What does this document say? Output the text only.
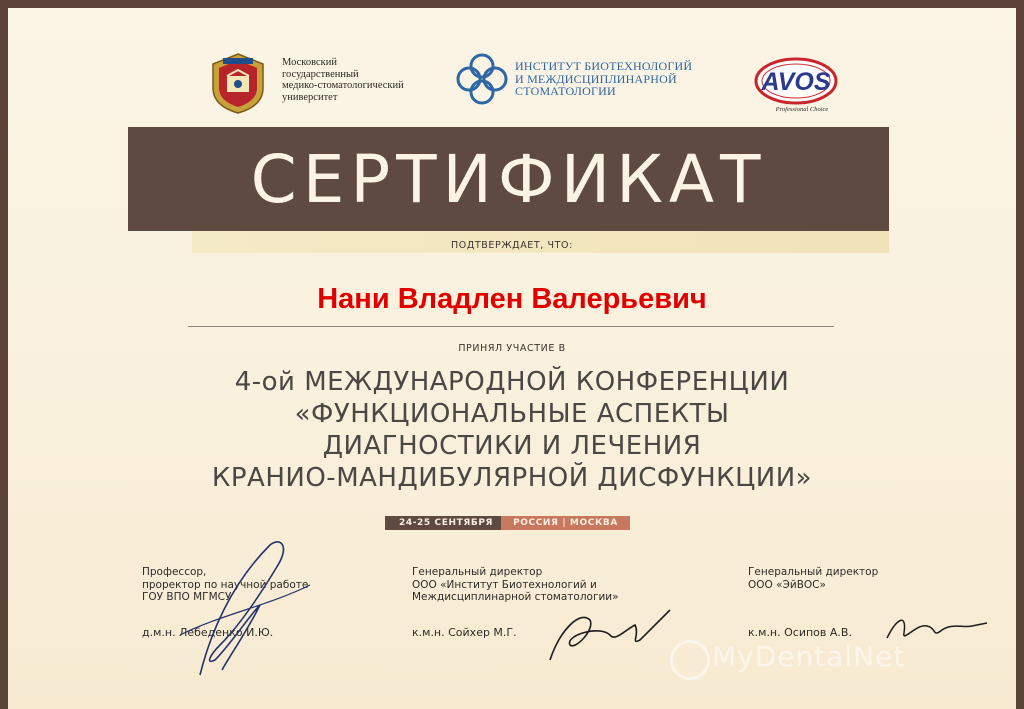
Московский
государственный
медико-стоматологический
университет
ИНСТИТУТ БИОТЕХНОЛОГИЙ
И МЕЖДИСЦИПЛИНАРНОЙ
СТОМАТОЛОГИИ	AVOS
Professional Choice
СЕРТИФИКАТ
ПОДТВЕРЖДАЕТ, ЧТО:
Нани Владлен Валерьевич
ПРИНЯЛ УЧАСТИЕ В
4-ой МЕЖДУНАРОДНОЙ КОНФЕРЕНЦИИ
«ФУНКЦИОНАЛЬНЫЕ АСПЕКТЫ
ДИАГНОСТИКИ И ЛЕЧЕНИЯ
КРАНИО-МАНДИБУЛЯРНОЙ ДИСФУНКЦИИ»
24-25 СЕНТЯБРЯ	РОССИЯ | МОСКВА
Профессор,
проректор по научной работе
ГОУ ВПО МГМСУ
д.м.н. Лебеденко И.Ю.
Генеральный директор
ООО «Институт Биотехнологий и
Междисциплинарной стоматологии»
к.м.н. Сойхер М.Г.
Генеральный директор
ООО «ЭйВОС»
к.м.н. Осипов А.В.
MyDentalNet
